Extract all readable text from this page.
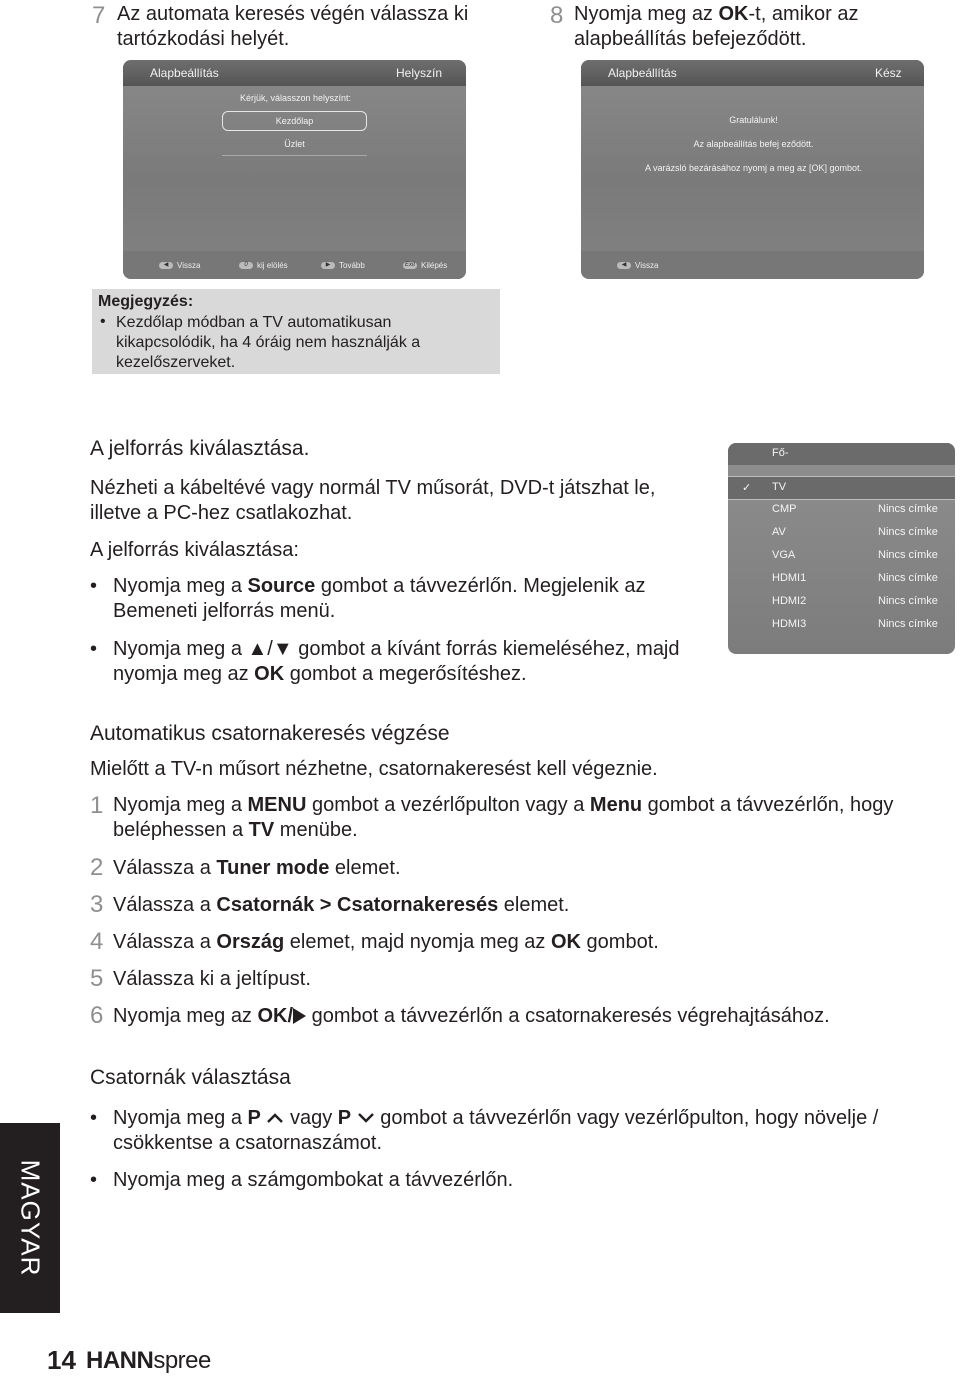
7 Az automata keresés végén válassza ki
tartózkodási helyét.
8 Nyomja meg az OK-t, amikor az
alapbeállítás befejeződött.
Alapbeállítás	Helyszín
Kérjük, válasszon helyszínt:
Kezdőlap
Üzlet
◀ Vissza	0 kij elölés	▶ Tovább	Exit Kilépés
Alapbeállítás	Kész
Gratulálunk!
Az alapbeállítás befej eződött.
A varázsló bezárásához nyomj a meg az [OK] gombot.
◀ Vissza
Megjegyzés:
• Kezdőlap módban a TV automatikusan
kikapcsolódik, ha 4 óráig nem használják a
kezelőszerveket.
A jelforrás kiválasztása.
Nézheti a kábeltévé vagy normál TV műsorát, DVD-t játszhat le,
illetve a PC-hez csatlakozhat.
A jelforrás kiválasztása:
• Nyomja meg a Source gombot a távvezérlőn. Megjelenik az
Bemeneti jelforrás menü.
• Nyomja meg a ▲/▼ gombot a kívánt forrás kiemeléséhez, majd
nyomja meg az OK gombot a megerősítéshez.
Fő-
✓ TV
CMP	Nincs címke
AV	Nincs címke
VGA	Nincs címke
HDMI1	Nincs címke
HDMI2	Nincs címke
HDMI3	Nincs címke
Automatikus csatornakeresés végzése
Mielőtt a TV-n műsort nézhetne, csatornakeresést kell végeznie.
1 Nyomja meg a MENU gombot a vezérlőpulton vagy a Menu gombot a távvezérlőn, hogy
beléphessen a TV menübe.
2 Válassza a Tuner mode elemet.
3 Válassza a Csatornák > Csatornakeresés elemet.
4 Válassza a Ország elemet, majd nyomja meg az OK gombot.
5 Válassza ki a jeltípust.
6 Nyomja meg az OK/ gombot a távvezérlőn a csatornakeresés végrehajtásához.
Csatornák választása
• Nyomja meg a P  vagy P  gombot a távvezérlőn vagy vezérlőpulton, hogy növelje /
csökkentse a csatornaszámot.
• Nyomja meg a számgombokat a távvezérlőn.
MAGYAR
14 HANNspree
